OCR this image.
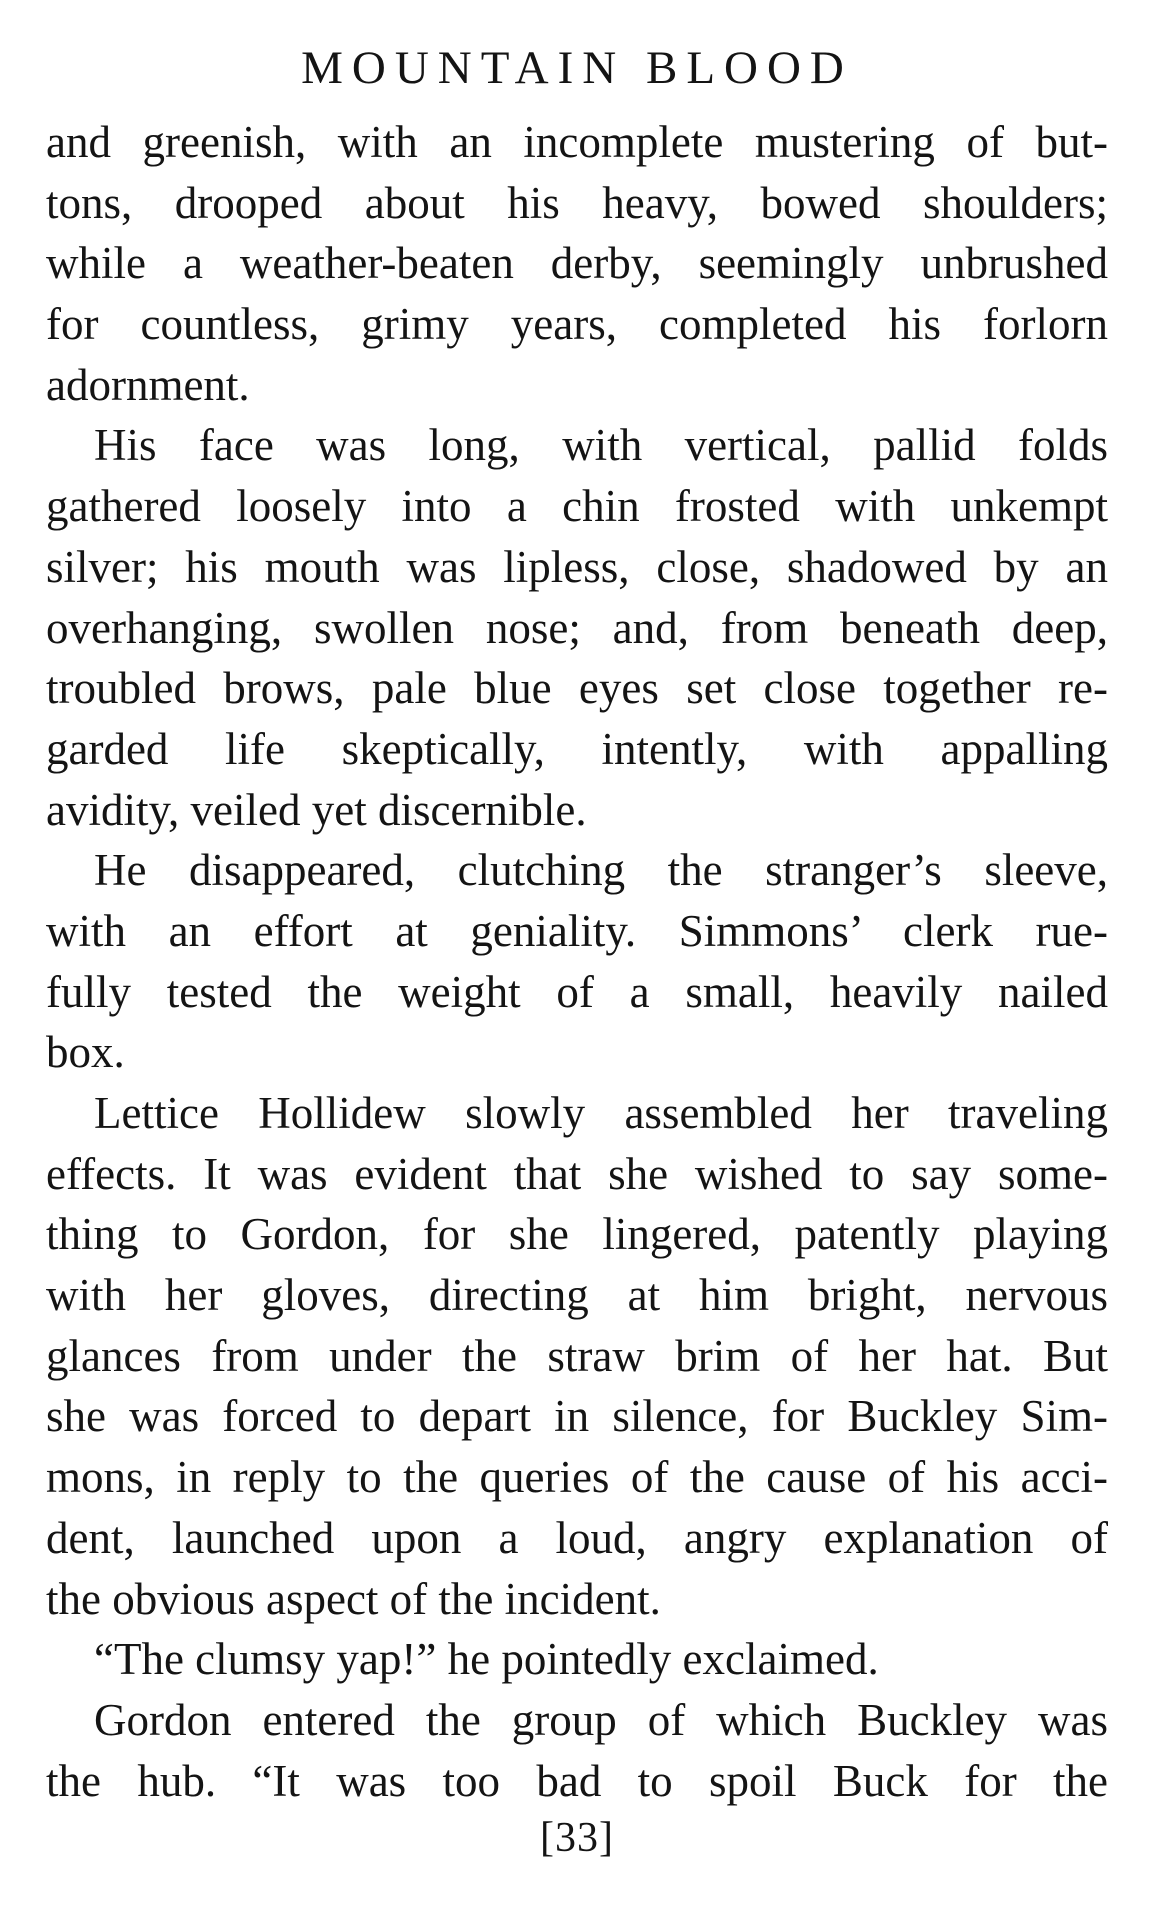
MOUNTAIN BLOOD

and greenish, with an incomplete mustering of but-
tons, drooped about his heavy, bowed shoulders;
while a weather-beaten derby, seemingly unbrushed
for countless, grimy years, completed his forlorn
adornment.

His face was long, with vertical, pallid folds
gathered loosely into a chin frosted with unkempt
silver; his mouth was lipless, close, shadowed by an
overhanging, swollen nose; and, from beneath deep,
troubled brows, pale blue eyes set close together re-
garded life skeptically, intently, with appalling
avidity, veiled yet discernible.

He disappeared, clutching the stranger’s sleeve,
with an effort at geniality. Simmons’ clerk rue-
fully tested the weight of a small, heavily nailed
box.

Lettice Hollidew slowly assembled her traveling
effects. It was evident that she wished to say some-
thing to Gordon, for she lingered, patently playing
with her gloves, directing at him bright, nervous
glances from under the straw brim of her hat. But
she was forced to depart in silence, for Buckley Sim-
mons, in reply to the queries of the cause of his acci-
dent, launched upon a loud, angry explanation of
the obvious aspect of the incident.

“The clumsy yap!” he pointedly exclaimed.

Gordon entered the group of which Buckley was
the hub. “It was too bad to spoil Buck for the

[33]
